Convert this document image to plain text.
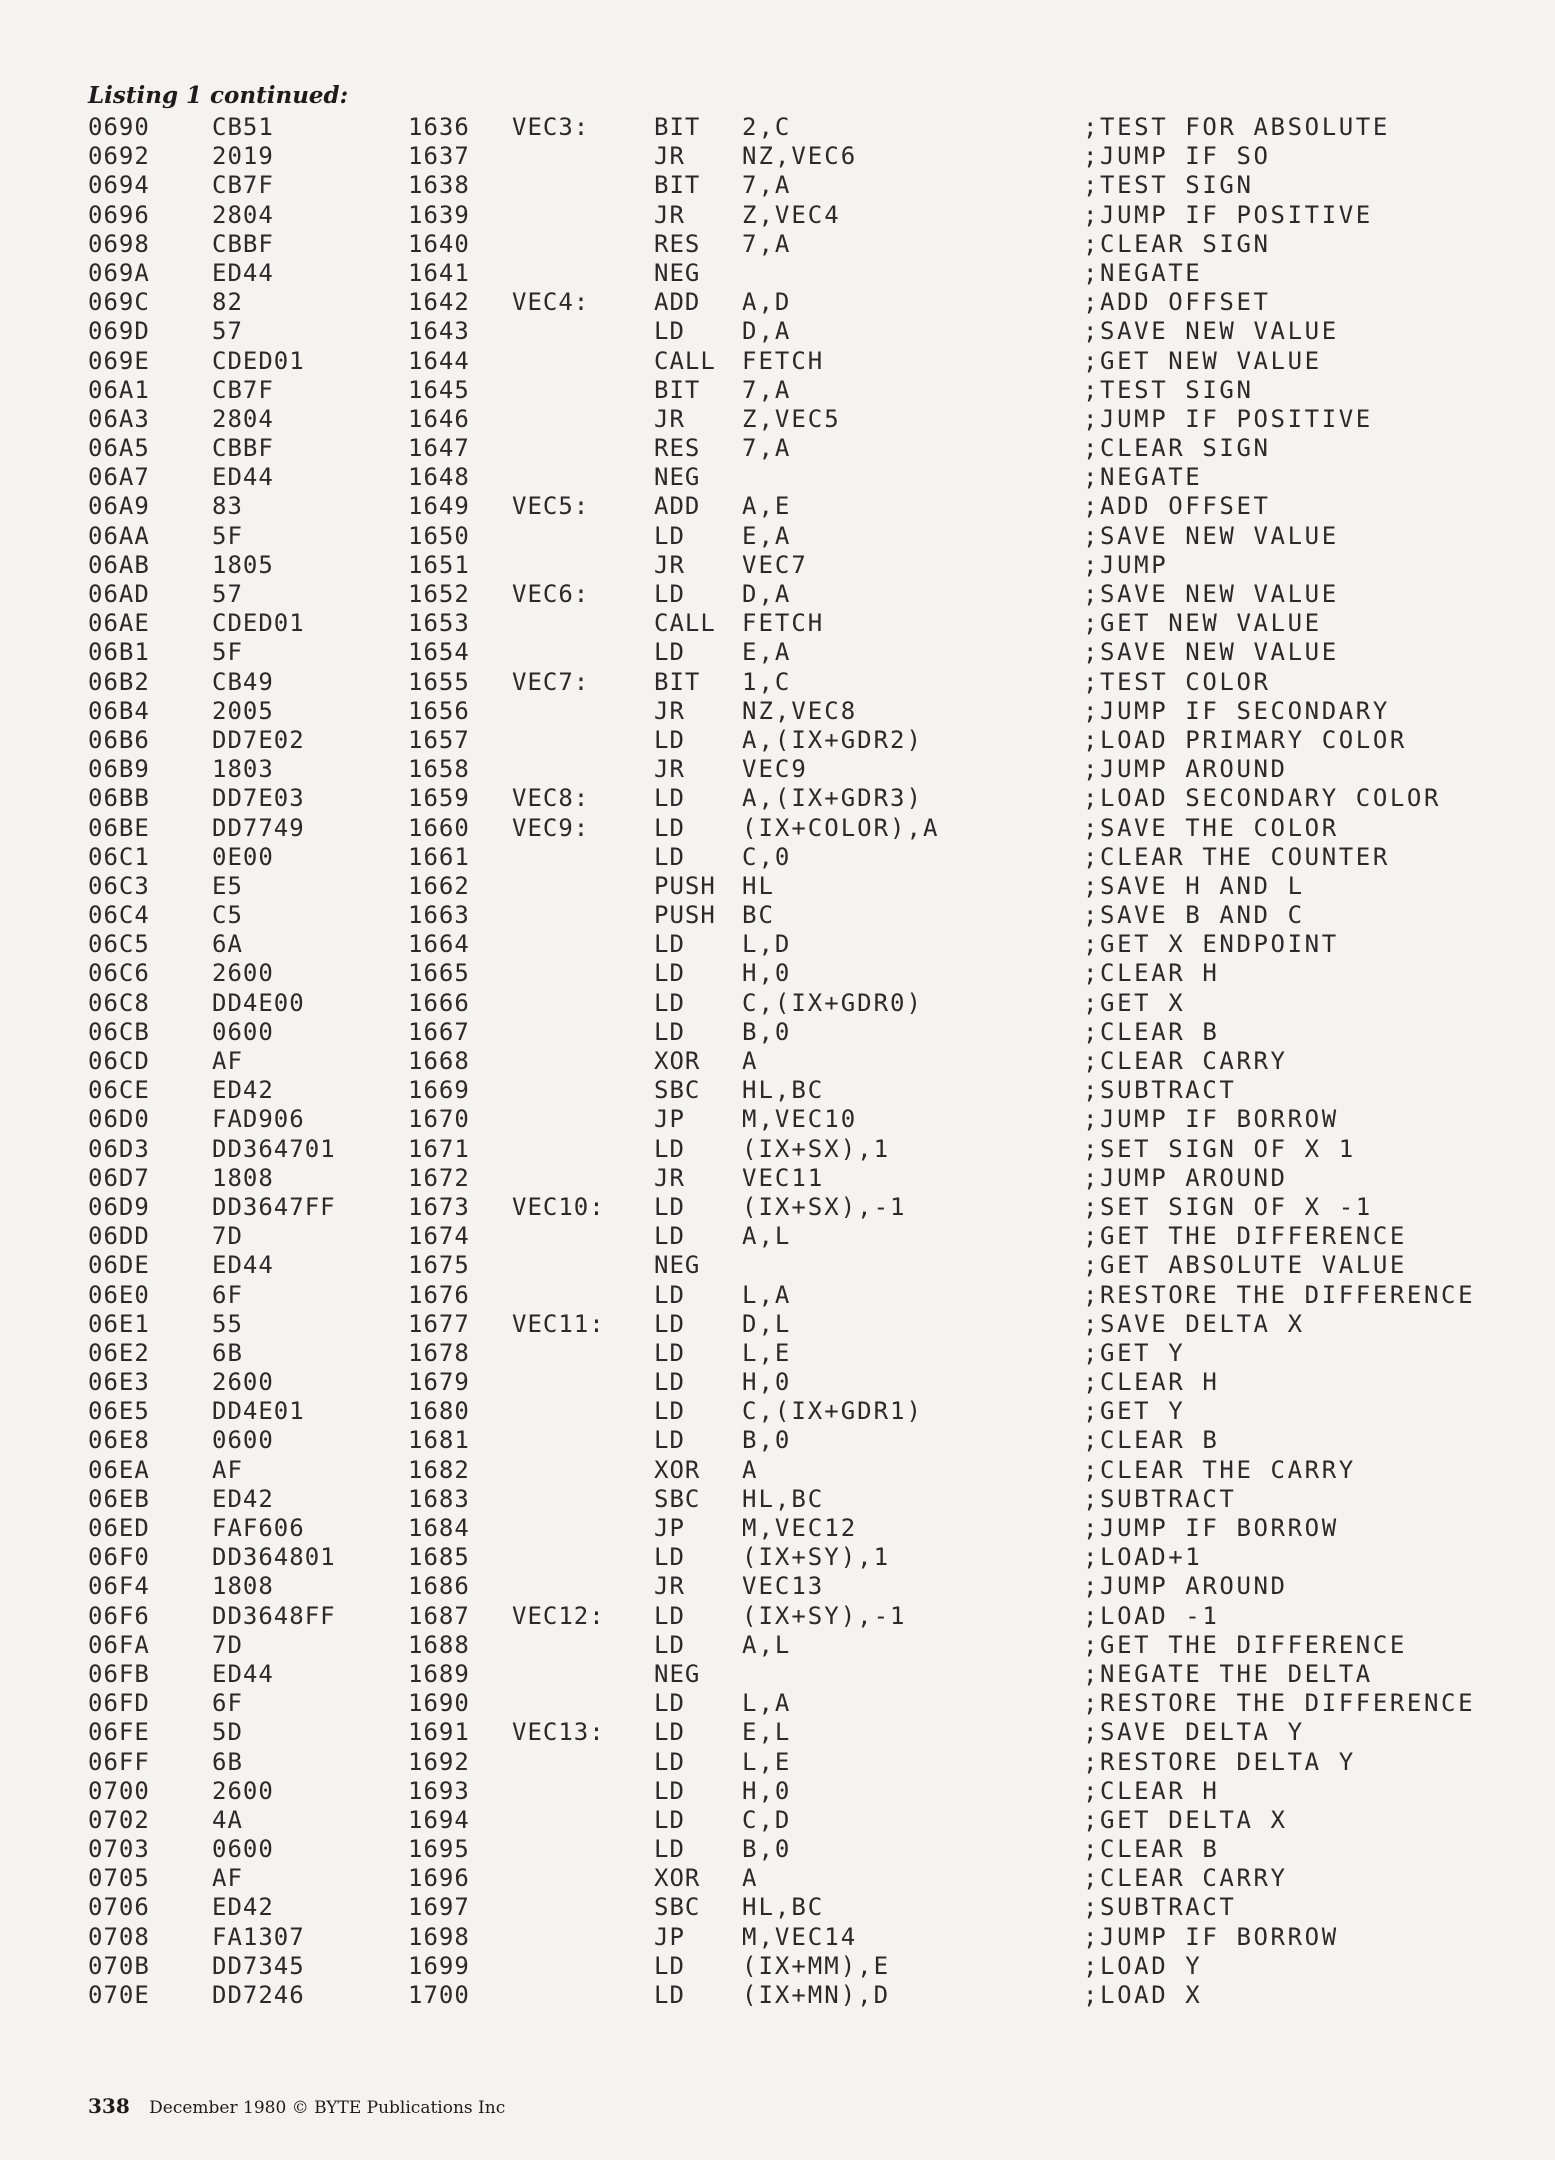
Listing 1 continued:
0690	CB51	1636 VEC3:	BIT 2,C	;TEST FOR ABSOLUTE
0692	2019	1637	JR NZ,VEC6	;JUMP IF SO
0694	CB7F	1638	BIT 7,A	;TEST SIGN
0696	2804	1639	JR Z,VEC4	;JUMP IF POSITIVE
0698	CBBF	1640	RES 7,A	;CLEAR SIGN
069A	ED44	1641	NEG	;NEGATE
069C	82	1642 VEC4:	ADD A,D	;ADD OFFSET
069D	57	1643	LD D,A	;SAVE NEW VALUE
069E	CDED01	1644	CALL FETCH	;GET NEW VALUE
06A1	CB7F	1645	BIT 7,A	;TEST SIGN
06A3	2804	1646	JR Z,VEC5	;JUMP IF POSITIVE
06A5	CBBF	1647	RES 7,A	;CLEAR SIGN
06A7	ED44	1648	NEG	;NEGATE
06A9	83	1649 VEC5:	ADD A,E	;ADD OFFSET
06AA	5F	1650	LD E,A	;SAVE NEW VALUE
06AB	1805	1651	JR VEC7	;JUMP
06AD	57	1652 VEC6:	LD D,A	;SAVE NEW VALUE
06AE	CDED01	1653	CALL FETCH	;GET NEW VALUE
06B1	5F	1654	LD E,A	;SAVE NEW VALUE
06B2	CB49	1655 VEC7:	BIT 1,C	;TEST COLOR
06B4	2005	1656	JR NZ,VEC8	;JUMP IF SECONDARY
06B6	DD7E02	1657	LD A,(IX+GDR2)	;LOAD PRIMARY COLOR
06B9	1803	1658	JR VEC9	;JUMP AROUND
06BB	DD7E03	1659 VEC8:	LD A,(IX+GDR3)	;LOAD SECONDARY COLOR
06BE	DD7749	1660 VEC9:	LD (IX+COLOR),A	;SAVE THE COLOR
06C1	0E00	1661	LD C,0	;CLEAR THE COUNTER
06C3	E5	1662	PUSH HL	;SAVE H AND L
06C4	C5	1663	PUSH BC	;SAVE B AND C
06C5	6A	1664	LD L,D	;GET X ENDPOINT
06C6	2600	1665	LD H,0	;CLEAR H
06C8	DD4E00	1666	LD C,(IX+GDR0)	;GET X
06CB	0600	1667	LD B,0	;CLEAR B
06CD	AF	1668	XOR A	;CLEAR CARRY
06CE	ED42	1669	SBC HL,BC	;SUBTRACT
06D0	FAD906	1670	JP M,VEC10	;JUMP IF BORROW
06D3	DD364701	1671	LD (IX+SX),1	;SET SIGN OF X 1
06D7	1808	1672	JR VEC11	;JUMP AROUND
06D9	DD3647FF	1673 VEC10: LD (IX+SX),-1	;SET SIGN OF X -1
06DD	7D	1674	LD A,L	;GET THE DIFFERENCE
06DE	ED44	1675	NEG	;GET ABSOLUTE VALUE
06E0	6F	1676	LD L,A	;RESTORE THE DIFFERENCE
06E1	55	1677 VEC11: LD D,L	;SAVE DELTA X
06E2	6B	1678	LD L,E	;GET Y
06E3	2600	1679	LD H,0	;CLEAR H
06E5	DD4E01	1680	LD C,(IX+GDR1)	;GET Y
06E8	0600	1681	LD B,0	;CLEAR B
06EA	AF	1682	XOR A	;CLEAR THE CARRY
06EB	ED42	1683	SBC HL,BC	;SUBTRACT
06ED	FAF606	1684	JP M,VEC12	;JUMP IF BORROW
06F0	DD364801	1685	LD (IX+SY),1	;LOAD+1
06F4	1808	1686	JR VEC13	;JUMP AROUND
06F6	DD3648FF	1687 VEC12: LD (IX+SY),-1	;LOAD -1
06FA	7D	1688	LD A,L	;GET THE DIFFERENCE
06FB	ED44	1689	NEG	;NEGATE THE DELTA
06FD	6F	1690	LD L,A	;RESTORE THE DIFFERENCE
06FE	5D	1691 VEC13: LD E,L	;SAVE DELTA Y
06FF	6B	1692	LD L,E	;RESTORE DELTA Y
0700	2600	1693	LD H,0	;CLEAR H
0702	4A	1694	LD C,D	;GET DELTA X
0703	0600	1695	LD B,0	;CLEAR B
0705	AF	1696	XOR A	;CLEAR CARRY
0706	ED42	1697	SBC HL,BC	;SUBTRACT
0708	FA1307	1698	JP M,VEC14	;JUMP IF BORROW
070B	DD7345	1699	LD (IX+MM),E	;LOAD Y
070E	DD7246	1700	LD (IX+MN),D	;LOAD X
338 December 1980 © BYTE Publications Inc
